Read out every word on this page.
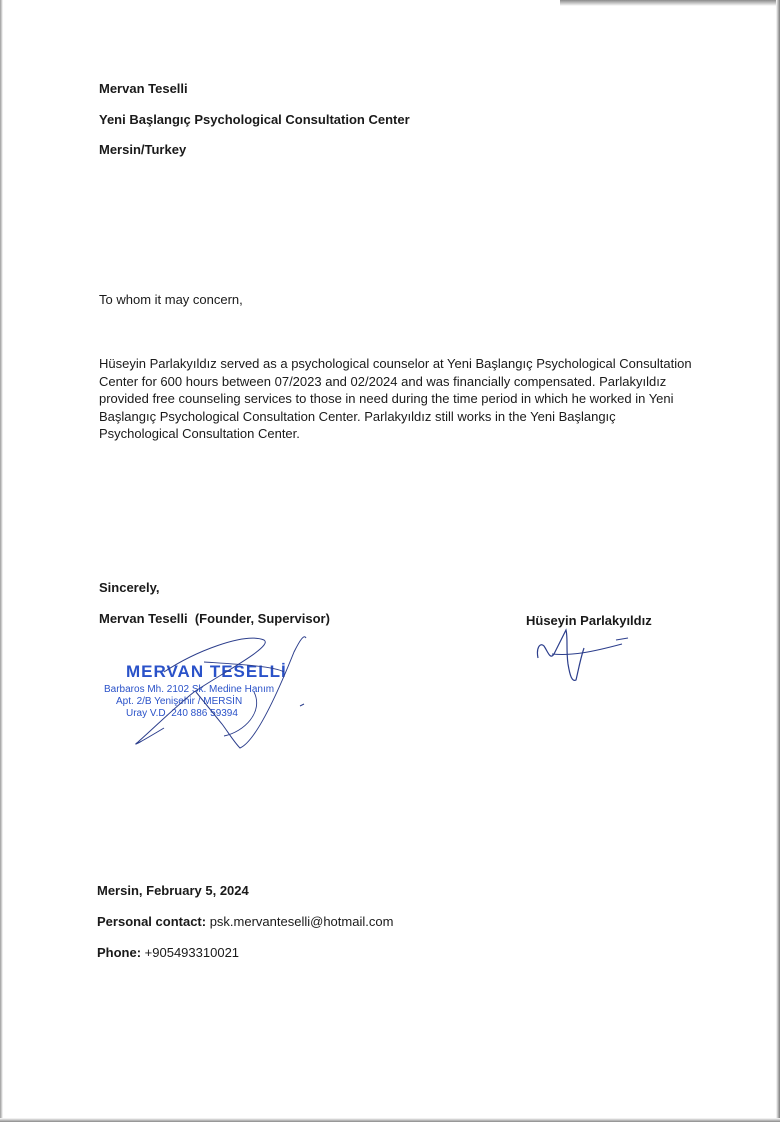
Mervan Teselli
Yeni Başlangıç Psychological Consultation Center
Mersin/Turkey
To whom it may concern,
Hüseyin Parlakyıldız served as a psychological counselor at Yeni Başlangıç Psychological Consultation
Center for 600 hours between 07/2023 and 02/2024 and was financially compensated. Parlakyıldız
provided free counseling services to those in need during the time period in which he worked in Yeni
Başlangıç Psychological Consultation Center. Parlakyıldız still works in the Yeni Başlangıç
Psychological Consultation Center.
Sincerely,
Mervan Teselli  (Founder, Supervisor)	Hüseyin Parlakyıldız
MERVAN TESELLİ
Barbaros Mh. 2102 Sk. Medine Hanım
Apt. 2/B Yenişehir / MERSİN
Uray V.D. 240 886 59394
Mersin, February 5, 2024
Personal contact: psk.mervanteselli@hotmail.com
Phone: +905493310021
